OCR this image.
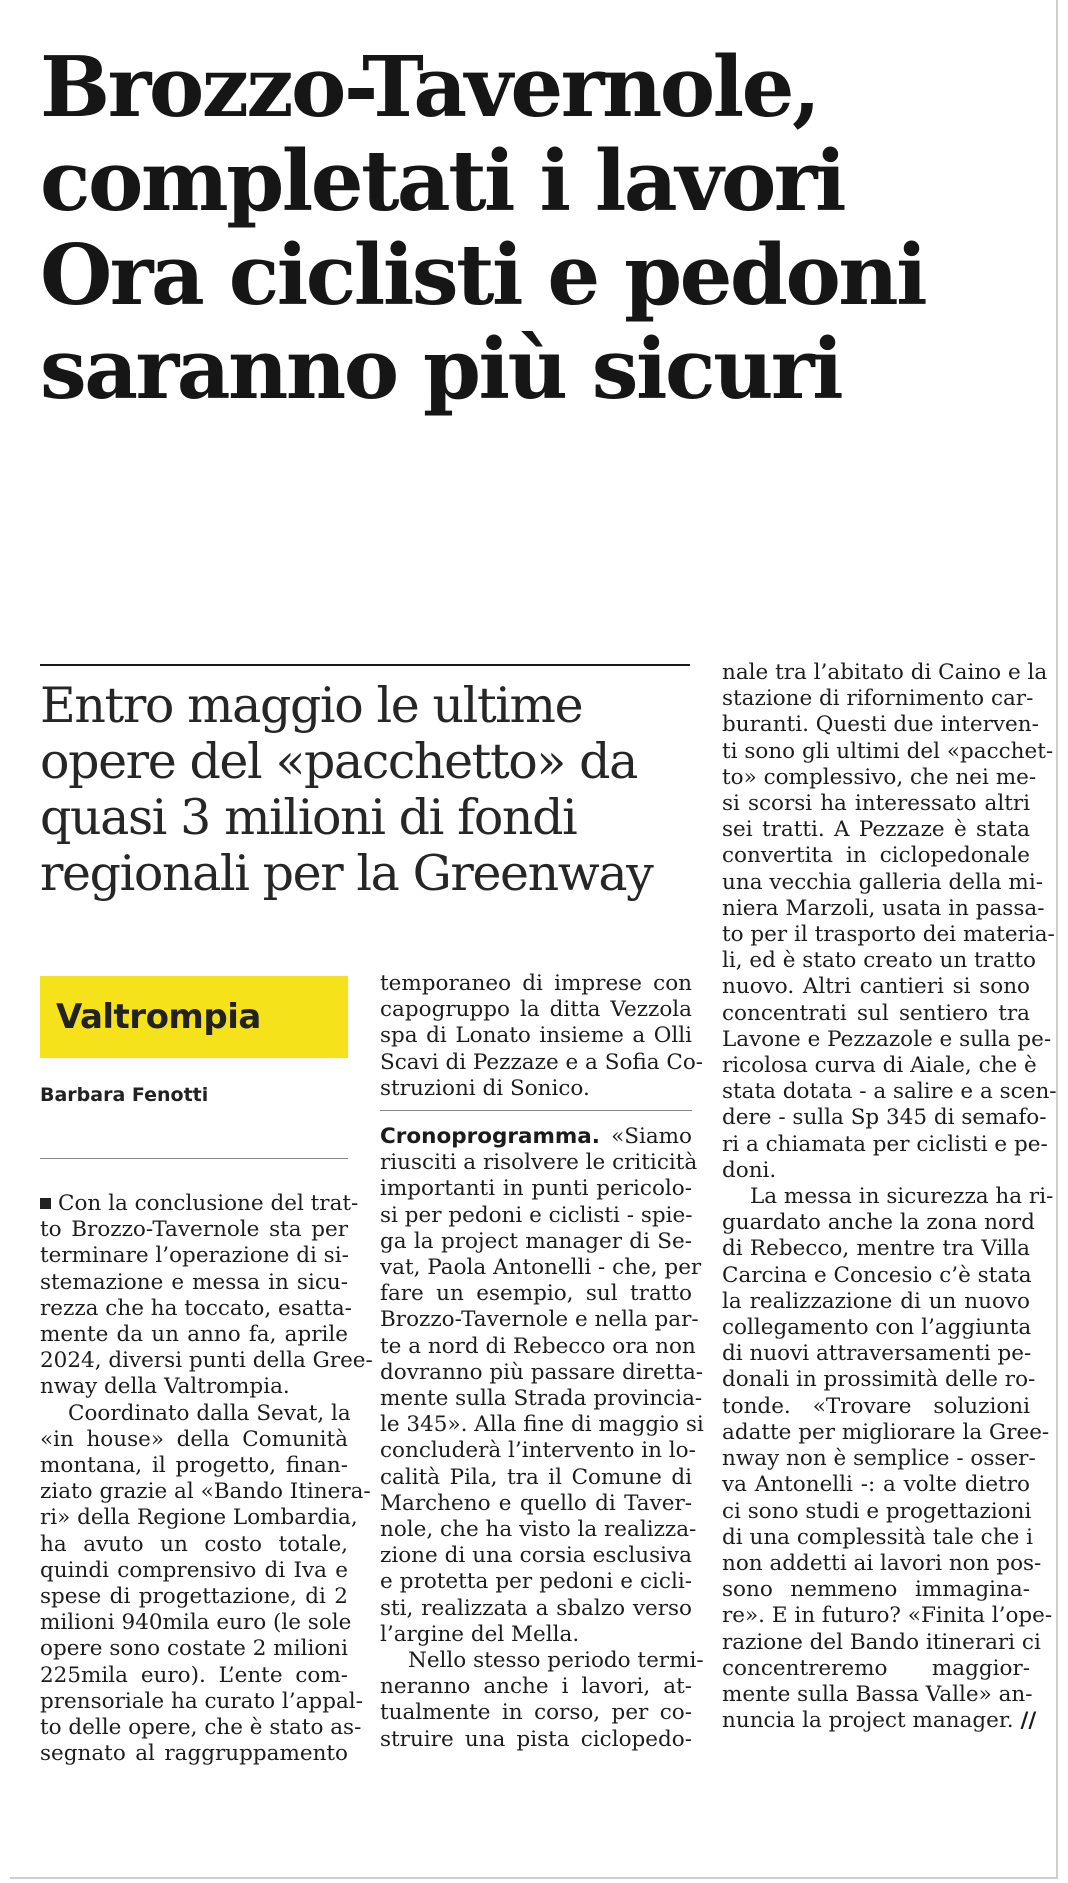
Brozzo-Tavernole,
completati i lavori
Ora ciclisti e pedoni
saranno più sicuri
Entro maggio le ultime
opere del «pacchetto» da
quasi 3 milioni di fondi
regionali per la Greenway
Valtrompia
Barbara Fenotti
Con la conclusione del trat-
to Brozzo-Tavernole sta per
terminare l’operazione di si-
stemazione e messa in sicu-
rezza che ha toccato, esatta-
mente da un anno fa, aprile
2024, diversi punti della Gree-
nway della Valtrompia.
Coordinato dalla Sevat, la
«in house» della Comunità
montana, il progetto, finan-
ziato grazie al «Bando Itinera-
ri» della Regione Lombardia,
ha avuto un costo totale,
quindi comprensivo di Iva e
spese di progettazione, di 2
milioni 940mila euro (le sole
opere sono costate 2 milioni
225mila euro). L’ente com-
prensoriale ha curato l’appal-
to delle opere, che è stato as-
segnato al raggruppamento
temporaneo di imprese con
capogruppo la ditta Vezzola
spa di Lonato insieme a Olli
Scavi di Pezzaze e a Sofia Co-
struzioni di Sonico.
Cronoprogramma. «Siamo
riusciti a risolvere le criticità
importanti in punti pericolo-
si per pedoni e ciclisti - spie-
ga la project manager di Se-
vat, Paola Antonelli - che, per
fare un esempio, sul tratto
Brozzo-Tavernole e nella par-
te a nord di Rebecco ora non
dovranno più passare diretta-
mente sulla Strada provincia-
le 345». Alla fine di maggio si
concluderà l’intervento in lo-
calità Pila, tra il Comune di
Marcheno e quello di Taver-
nole, che ha visto la realizza-
zione di una corsia esclusiva
e protetta per pedoni e cicli-
sti, realizzata a sbalzo verso
l’argine del Mella.
Nello stesso periodo termi-
neranno anche i lavori, at-
tualmente in corso, per co-
struire una pista ciclopedo-
nale tra l’abitato di Caino e la
stazione di rifornimento car-
buranti. Questi due interven-
ti sono gli ultimi del «pacchet-
to» complessivo, che nei me-
si scorsi ha interessato altri
sei tratti. A Pezzaze è stata
convertita in ciclopedonale
una vecchia galleria della mi-
niera Marzoli, usata in passa-
to per il trasporto dei materia-
li, ed è stato creato un tratto
nuovo. Altri cantieri si sono
concentrati sul sentiero tra
Lavone e Pezzazole e sulla pe-
ricolosa curva di Aiale, che è
stata dotata - a salire e a scen-
dere - sulla Sp 345 di semafo-
ri a chiamata per ciclisti e pe-
doni.
La messa in sicurezza ha ri-
guardato anche la zona nord
di Rebecco, mentre tra Villa
Carcina e Concesio c’è stata
la realizzazione di un nuovo
collegamento con l’aggiunta
di nuovi attraversamenti pe-
donali in prossimità delle ro-
tonde. «Trovare soluzioni
adatte per migliorare la Gree-
nway non è semplice - osser-
va Antonelli -: a volte dietro
ci sono studi e progettazioni
di una complessità tale che i
non addetti ai lavori non pos-
sono nemmeno immagina-
re». E in futuro? «Finita l’ope-
razione del Bando itinerari ci
concentreremo maggior-
mente sulla Bassa Valle» an-
nuncia la project manager. //
